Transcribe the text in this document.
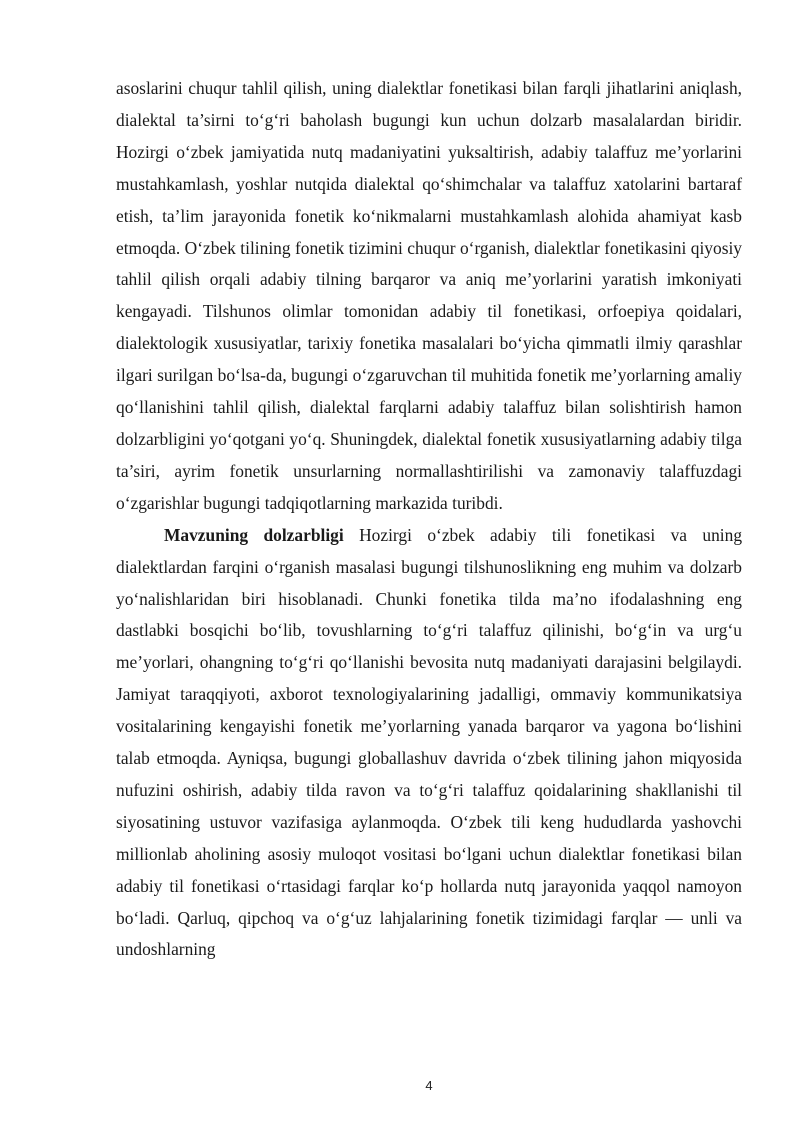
asoslarini chuqur tahlil qilish, uning dialektlar fonetikasi bilan farqli jihatlarini aniqlash, dialektal ta’sirni to‘g‘ri baholash bugungi kun uchun dolzarb masalalardan biridir. Hozirgi o‘zbek jamiyatida nutq madaniyatini yuksaltirish, adabiy talaffuz me’yorlarini mustahkamlash, yoshlar nutqida dialektal qo‘shimchalar va talaffuz xatolarini bartaraf etish, ta’lim jarayonida fonetik ko‘nikmalarni mustahkamlash alohida ahamiyat kasb etmoqda. O‘zbek tilining fonetik tizimini chuqur o‘rganish, dialektlar fonetikasini qiyosiy tahlil qilish orqali adabiy tilning barqaror va aniq me’yorlarini yaratish imkoniyati kengayadi. Tilshunos olimlar tomonidan adabiy til fonetikasi, orfoepiya qoidalari, dialektologik xususiyatlar, tarixiy fonetika masalalari bo‘yicha qimmatli ilmiy qarashlar ilgari surilgan bo‘lsa-da, bugungi o‘zgaruvchan til muhitida fonetik me’yorlarning amaliy qo‘llanishini tahlil qilish, dialektal farqlarni adabiy talaffuz bilan solishtirish hamon dolzarbligini yo‘qotgani yo‘q. Shuningdek, dialektal fonetik xususiyatlarning adabiy tilga ta’siri, ayrim fonetik unsurlarning normallashtirilishi va zamonaviy talaffuzdagi o‘zgarishlar bugungi tadqiqotlarning markazida turibdi.

Mavzuning dolzarbligi Hozirgi o‘zbek adabiy tili fonetikasi va uning dialektlardan farqini o‘rganish masalasi bugungi tilshunoslikning eng muhim va dolzarb yo‘nalishlaridan biri hisoblanadi. Chunki fonetika tilda ma’no ifodalashning eng dastlabki bosqichi bo‘lib, tovushlarning to‘g‘ri talaffuz qilinishi, bo‘g‘in va urg‘u me’yorlari, ohangning to‘g‘ri qo‘llanishi bevosita nutq madaniyati darajasini belgilaydi. Jamiyat taraqqiyoti, axborot texnologiyalarining jadalligi, ommaviy kommunikatsiya vositalarining kengayishi fonetik me’yorlarning yanada barqaror va yagona bo‘lishini talab etmoqda. Ayniqsa, bugungi globallashuv davrida o‘zbek tilining jahon miqyosida nufuzini oshirish, adabiy tilda ravon va to‘g‘ri talaffuz qoidalarining shakllanishi til siyosatining ustuvor vazifasiga aylanmoqda. O‘zbek tili keng hududlarda yashovchi millionlab aholining asosiy muloqot vositasi bo‘lgani uchun dialektlar fonetikasi bilan adabiy til fonetikasi o‘rtasidagi farqlar ko‘p hollarda nutq jarayonida yaqqol namoyon bo‘ladi. Qarluq, qipchoq va o‘g‘uz lahjalarining fonetik tizimidagi farqlar — unli va undoshlarning

4
